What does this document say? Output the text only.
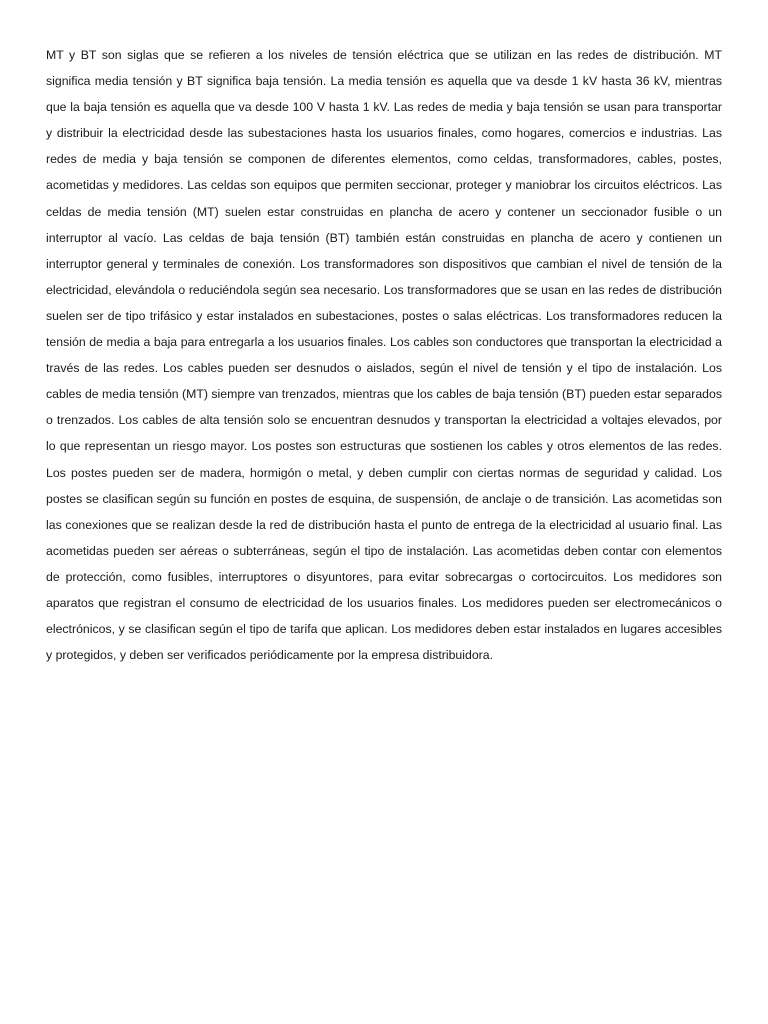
MT y BT son siglas que se refieren a los niveles de tensión eléctrica que se utilizan en las redes de distribución. MT significa media tensión y BT significa baja tensión. La media tensión es aquella que va desde 1 kV hasta 36 kV, mientras que la baja tensión es aquella que va desde 100 V hasta 1 kV. Las redes de media y baja tensión se usan para transportar y distribuir la electricidad desde las subestaciones hasta los usuarios finales, como hogares, comercios e industrias. Las redes de media y baja tensión se componen de diferentes elementos, como celdas, transformadores, cables, postes, acometidas y medidores. Las celdas son equipos que permiten seccionar, proteger y maniobrar los circuitos eléctricos. Las celdas de media tensión (MT) suelen estar construidas en plancha de acero y contener un seccionador fusible o un interruptor al vacío. Las celdas de baja tensión (BT) también están construidas en plancha de acero y contienen un interruptor general y terminales de conexión. Los transformadores son dispositivos que cambian el nivel de tensión de la electricidad, elevándola o reduciéndola según sea necesario. Los transformadores que se usan en las redes de distribución suelen ser de tipo trifásico y estar instalados en subestaciones, postes o salas eléctricas. Los transformadores reducen la tensión de media a baja para entregarla a los usuarios finales. Los cables son conductores que transportan la electricidad a través de las redes. Los cables pueden ser desnudos o aislados, según el nivel de tensión y el tipo de instalación. Los cables de media tensión (MT) siempre van trenzados, mientras que los cables de baja tensión (BT) pueden estar separados o trenzados. Los cables de alta tensión solo se encuentran desnudos y transportan la electricidad a voltajes elevados, por lo que representan un riesgo mayor. Los postes son estructuras que sostienen los cables y otros elementos de las redes. Los postes pueden ser de madera, hormigón o metal, y deben cumplir con ciertas normas de seguridad y calidad. Los postes se clasifican según su función en postes de esquina, de suspensión, de anclaje o de transición. Las acometidas son las conexiones que se realizan desde la red de distribución hasta el punto de entrega de la electricidad al usuario final. Las acometidas pueden ser aéreas o subterráneas, según el tipo de instalación. Las acometidas deben contar con elementos de protección, como fusibles, interruptores o disyuntores, para evitar sobrecargas o cortocircuitos. Los medidores son aparatos que registran el consumo de electricidad de los usuarios finales. Los medidores pueden ser electromecánicos o electrónicos, y se clasifican según el tipo de tarifa que aplican. Los medidores deben estar instalados en lugares accesibles y protegidos, y deben ser verificados periódicamente por la empresa distribuidora.
